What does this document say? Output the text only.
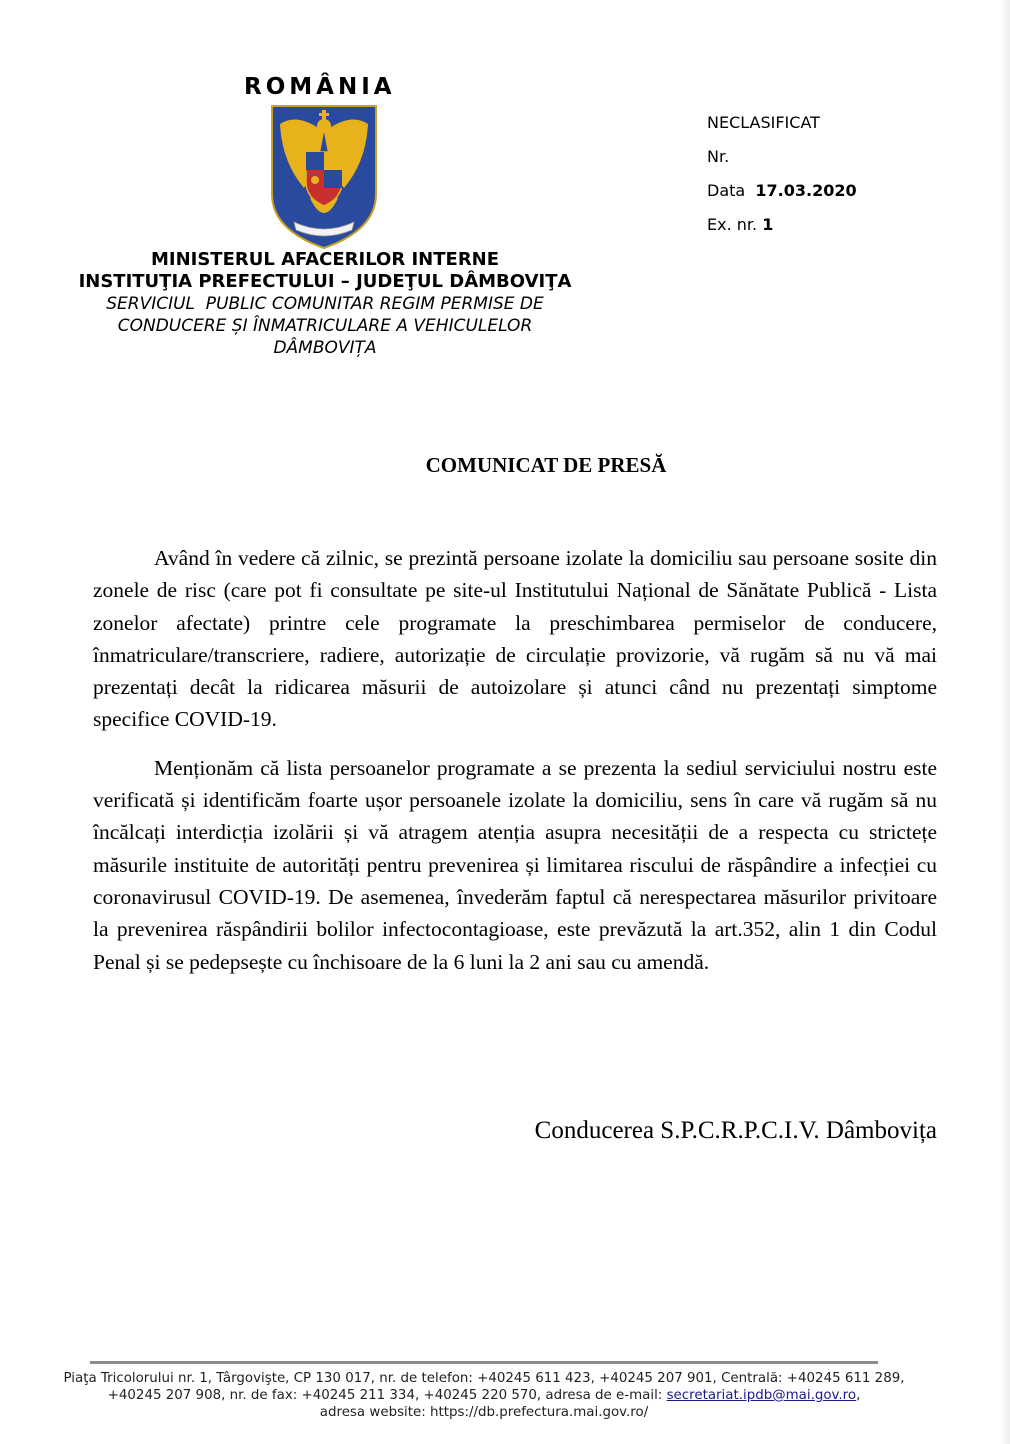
ROMÂNIA
MINISTERUL AFACERILOR INTERNE
INSTITUŢIA PREFECTULUI – JUDEŢUL DÂMBOVIŢA
SERVICIUL  PUBLIC COMUNITAR REGIM PERMISE DE
CONDUCERE ȘI ÎNMATRICULARE A VEHICULELOR
DÂMBOVIȚA
NECLASIFICAT
Nr.
Data 17.03.2020
Ex. nr. 1
COMUNICAT DE PRESĂ

Având în vedere că zilnic, se prezintă persoane izolate la domiciliu sau persoane sosite din zonele de risc (care pot fi consultate pe site-ul Institutului Național de Sănătate Publică - Lista zonelor afectate) printre cele programate la preschimbarea permiselor de conducere, înmatriculare/transcriere, radiere, autorizație de circulație provizorie, vă rugăm să nu vă mai prezentați decât la ridicarea măsurii de autoizolare și atunci când nu prezentați simptome specifice COVID-19.

Menționăm că lista persoanelor programate a se prezenta la sediul serviciului nostru este verificată și identificăm foarte ușor persoanele izolate la domiciliu, sens în care vă rugăm să nu încălcați interdicția izolării și vă atragem atenția asupra necesității de a respecta cu strictețe măsurile instituite de autorități pentru prevenirea și limitarea riscului de răspândire a infecției cu coronavirusul COVID-19. De asemenea, învederăm faptul că nerespectarea măsurilor privitoare la prevenirea răspândirii bolilor infectocontagioase, este prevăzută la art.352, alin 1 din Codul Penal și se pedepsește cu închisoare de la 6 luni la 2 ani sau cu amendă.

Conducerea S.P.C.R.P.C.I.V. Dâmbovița
Piaţa Tricolorului nr. 1, Târgovişte, CP 130 017, nr. de telefon: +40245 611 423, +40245 207 901, Centrală: +40245 611 289,
+40245 207 908, nr. de fax: +40245 211 334, +40245 220 570, adresa de e-mail: secretariat.ipdb@mai.gov.ro,
adresa website: https://db.prefectura.mai.gov.ro/
